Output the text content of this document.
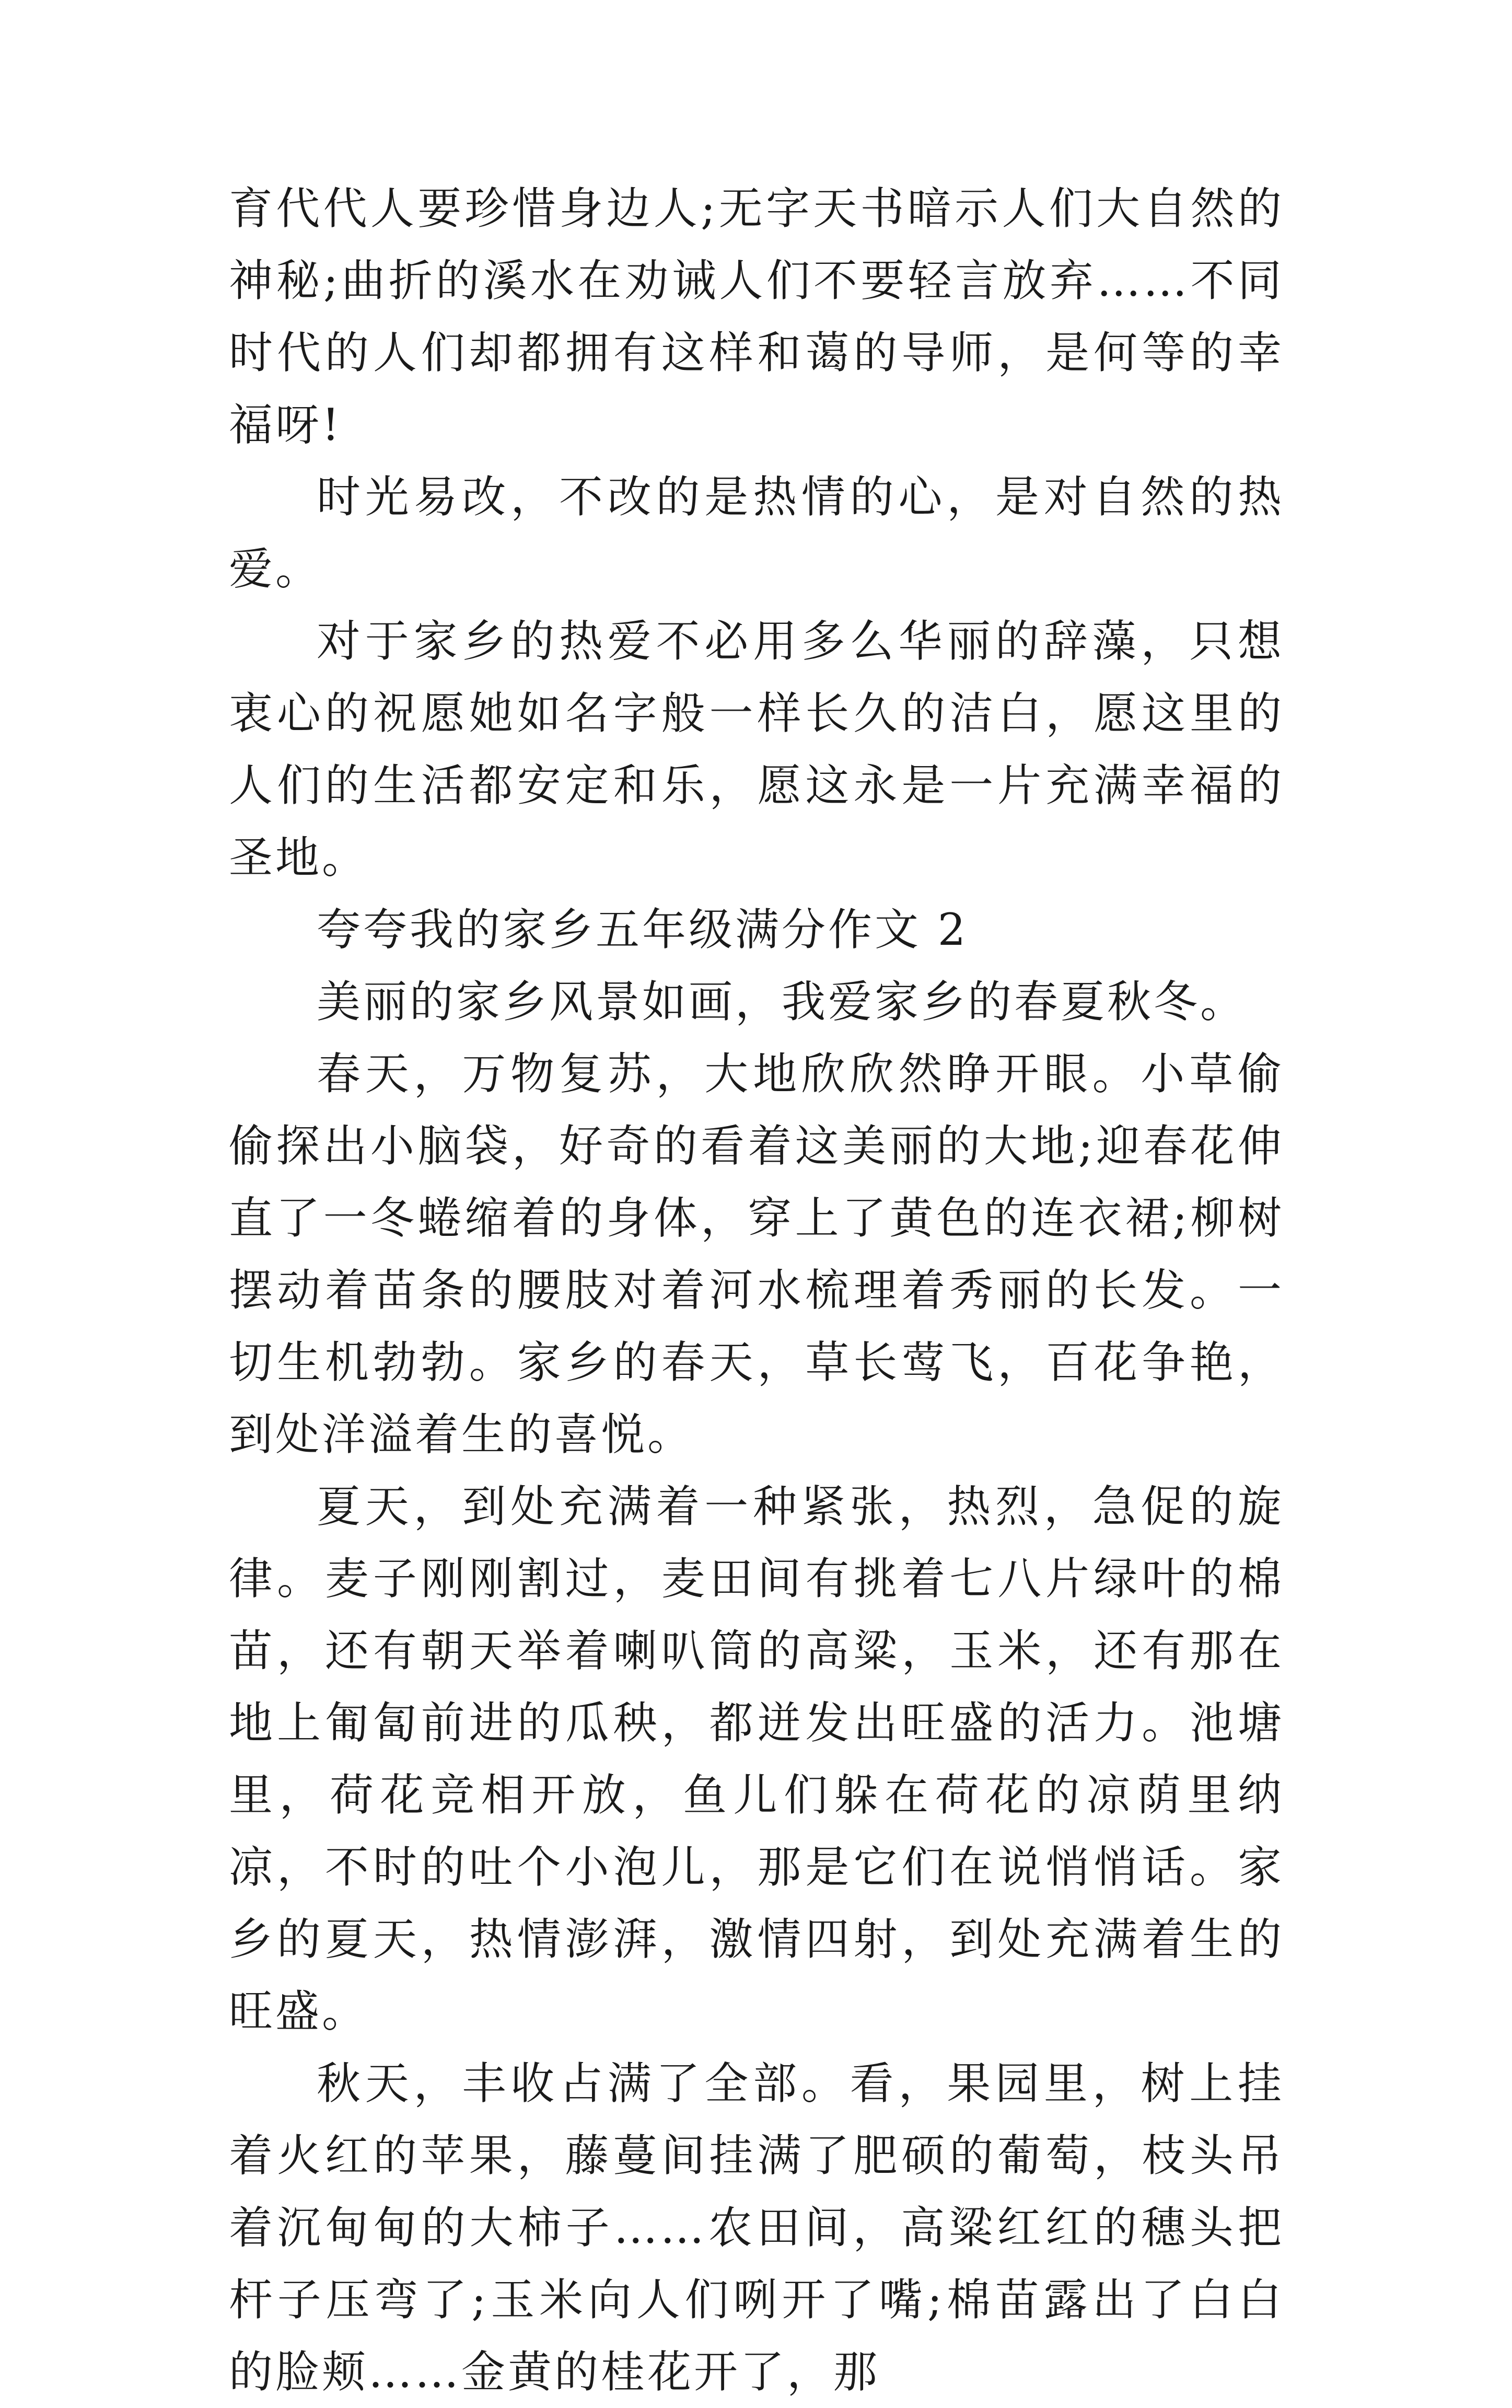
育代代人要珍惜身边人;无字天书暗示人们大自然的神秘;曲折的溪水在劝诫人们不要轻言放弃……不同时代的人们却都拥有这样和蔼的导师，是何等的幸福呀!

时光易改，不改的是热情的心，是对自然的热爱。

对于家乡的热爱不必用多么华丽的辞藻，只想衷心的祝愿她如名字般一样长久的洁白，愿这里的人们的生活都安定和乐，愿这永是一片充满幸福的圣地。

夸夸我的家乡五年级满分作文 2

美丽的家乡风景如画，我爱家乡的春夏秋冬。

春天，万物复苏，大地欣欣然睁开眼。小草偷偷探出小脑袋，好奇的看着这美丽的大地;迎春花伸直了一冬蜷缩着的身体，穿上了黄色的连衣裙;柳树摆动着苗条的腰肢对着河水梳理着秀丽的长发。一切生机勃勃。家乡的春天，草长莺飞，百花争艳，到处洋溢着生的喜悦。

夏天，到处充满着一种紧张，热烈，急促的旋律。麦子刚刚割过，麦田间有挑着七八片绿叶的棉苗，还有朝天举着喇叭筒的高粱，玉米，还有那在地上匍匐前进的瓜秧，都迸发出旺盛的活力。池塘里，荷花竞相开放，鱼儿们躲在荷花的凉荫里纳凉，不时的吐个小泡儿，那是它们在说悄悄话。家乡的夏天，热情澎湃，激情四射，到处充满着生的旺盛。

秋天，丰收占满了全部。看，果园里，树上挂着火红的苹果，藤蔓间挂满了肥硕的葡萄，枝头吊着沉甸甸的大柿子……农田间，高粱红红的穗头把杆子压弯了;玉米向人们咧开了嘴;棉苗露出了白白的脸颊……金黄的桂花开了，那
